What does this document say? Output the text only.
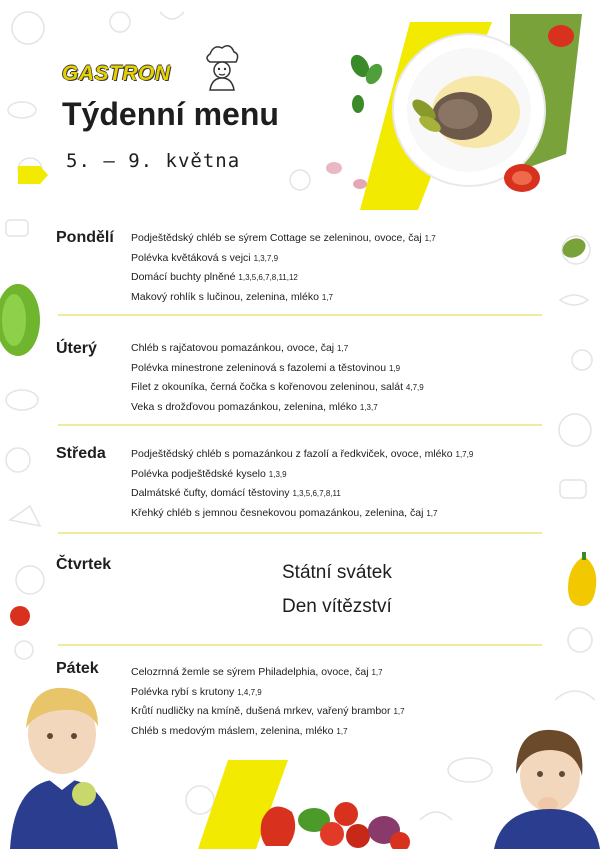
GASTRON
Týdenní menu
5. – 9. května
Pondělí Podještědský chléb se sýrem Cottage se zeleninou, ovoce, čaj 1,7
Polévka květáková s vejci 1,3,7,9
Domácí buchty plněné 1,3,5,6,7,8,11,12
Makový rohlík s lučinou, zelenina, mléko 1,7
Úterý	Chléb s rajčatovou pomazánkou, ovoce, čaj 1,7
Polévka minestrone zeleninová s fazolemi a těstovinou 1,9
Filet z okouníka, černá čočka s kořenovou zeleninou, salát 4,7,9
Veka s drožďovou pomazánkou, zelenina, mléko 1,3,7
Středa Podještědský chléb s pomazánkou z fazolí a ředkviček, ovoce, mléko 1,7,9
Polévka podještědské kyselo 1,3,9
Dalmátské čufty, domácí těstoviny 1,3,5,6,7,8,11
Křehký chléb s jemnou česnekovou pomazánkou, zelenina, čaj 1,7
Čtvrtek	Státní svátek
Den vítězství
Pátek	Celozrnná žemle se sýrem Philadelphia, ovoce, čaj 1,7
Polévka rybí s krutony 1,4,7,9
Krůtí nudličky na kmíně, dušená mrkev, vařený brambor 1,7
Chléb s medovým máslem, zelenina, mléko 1,7
